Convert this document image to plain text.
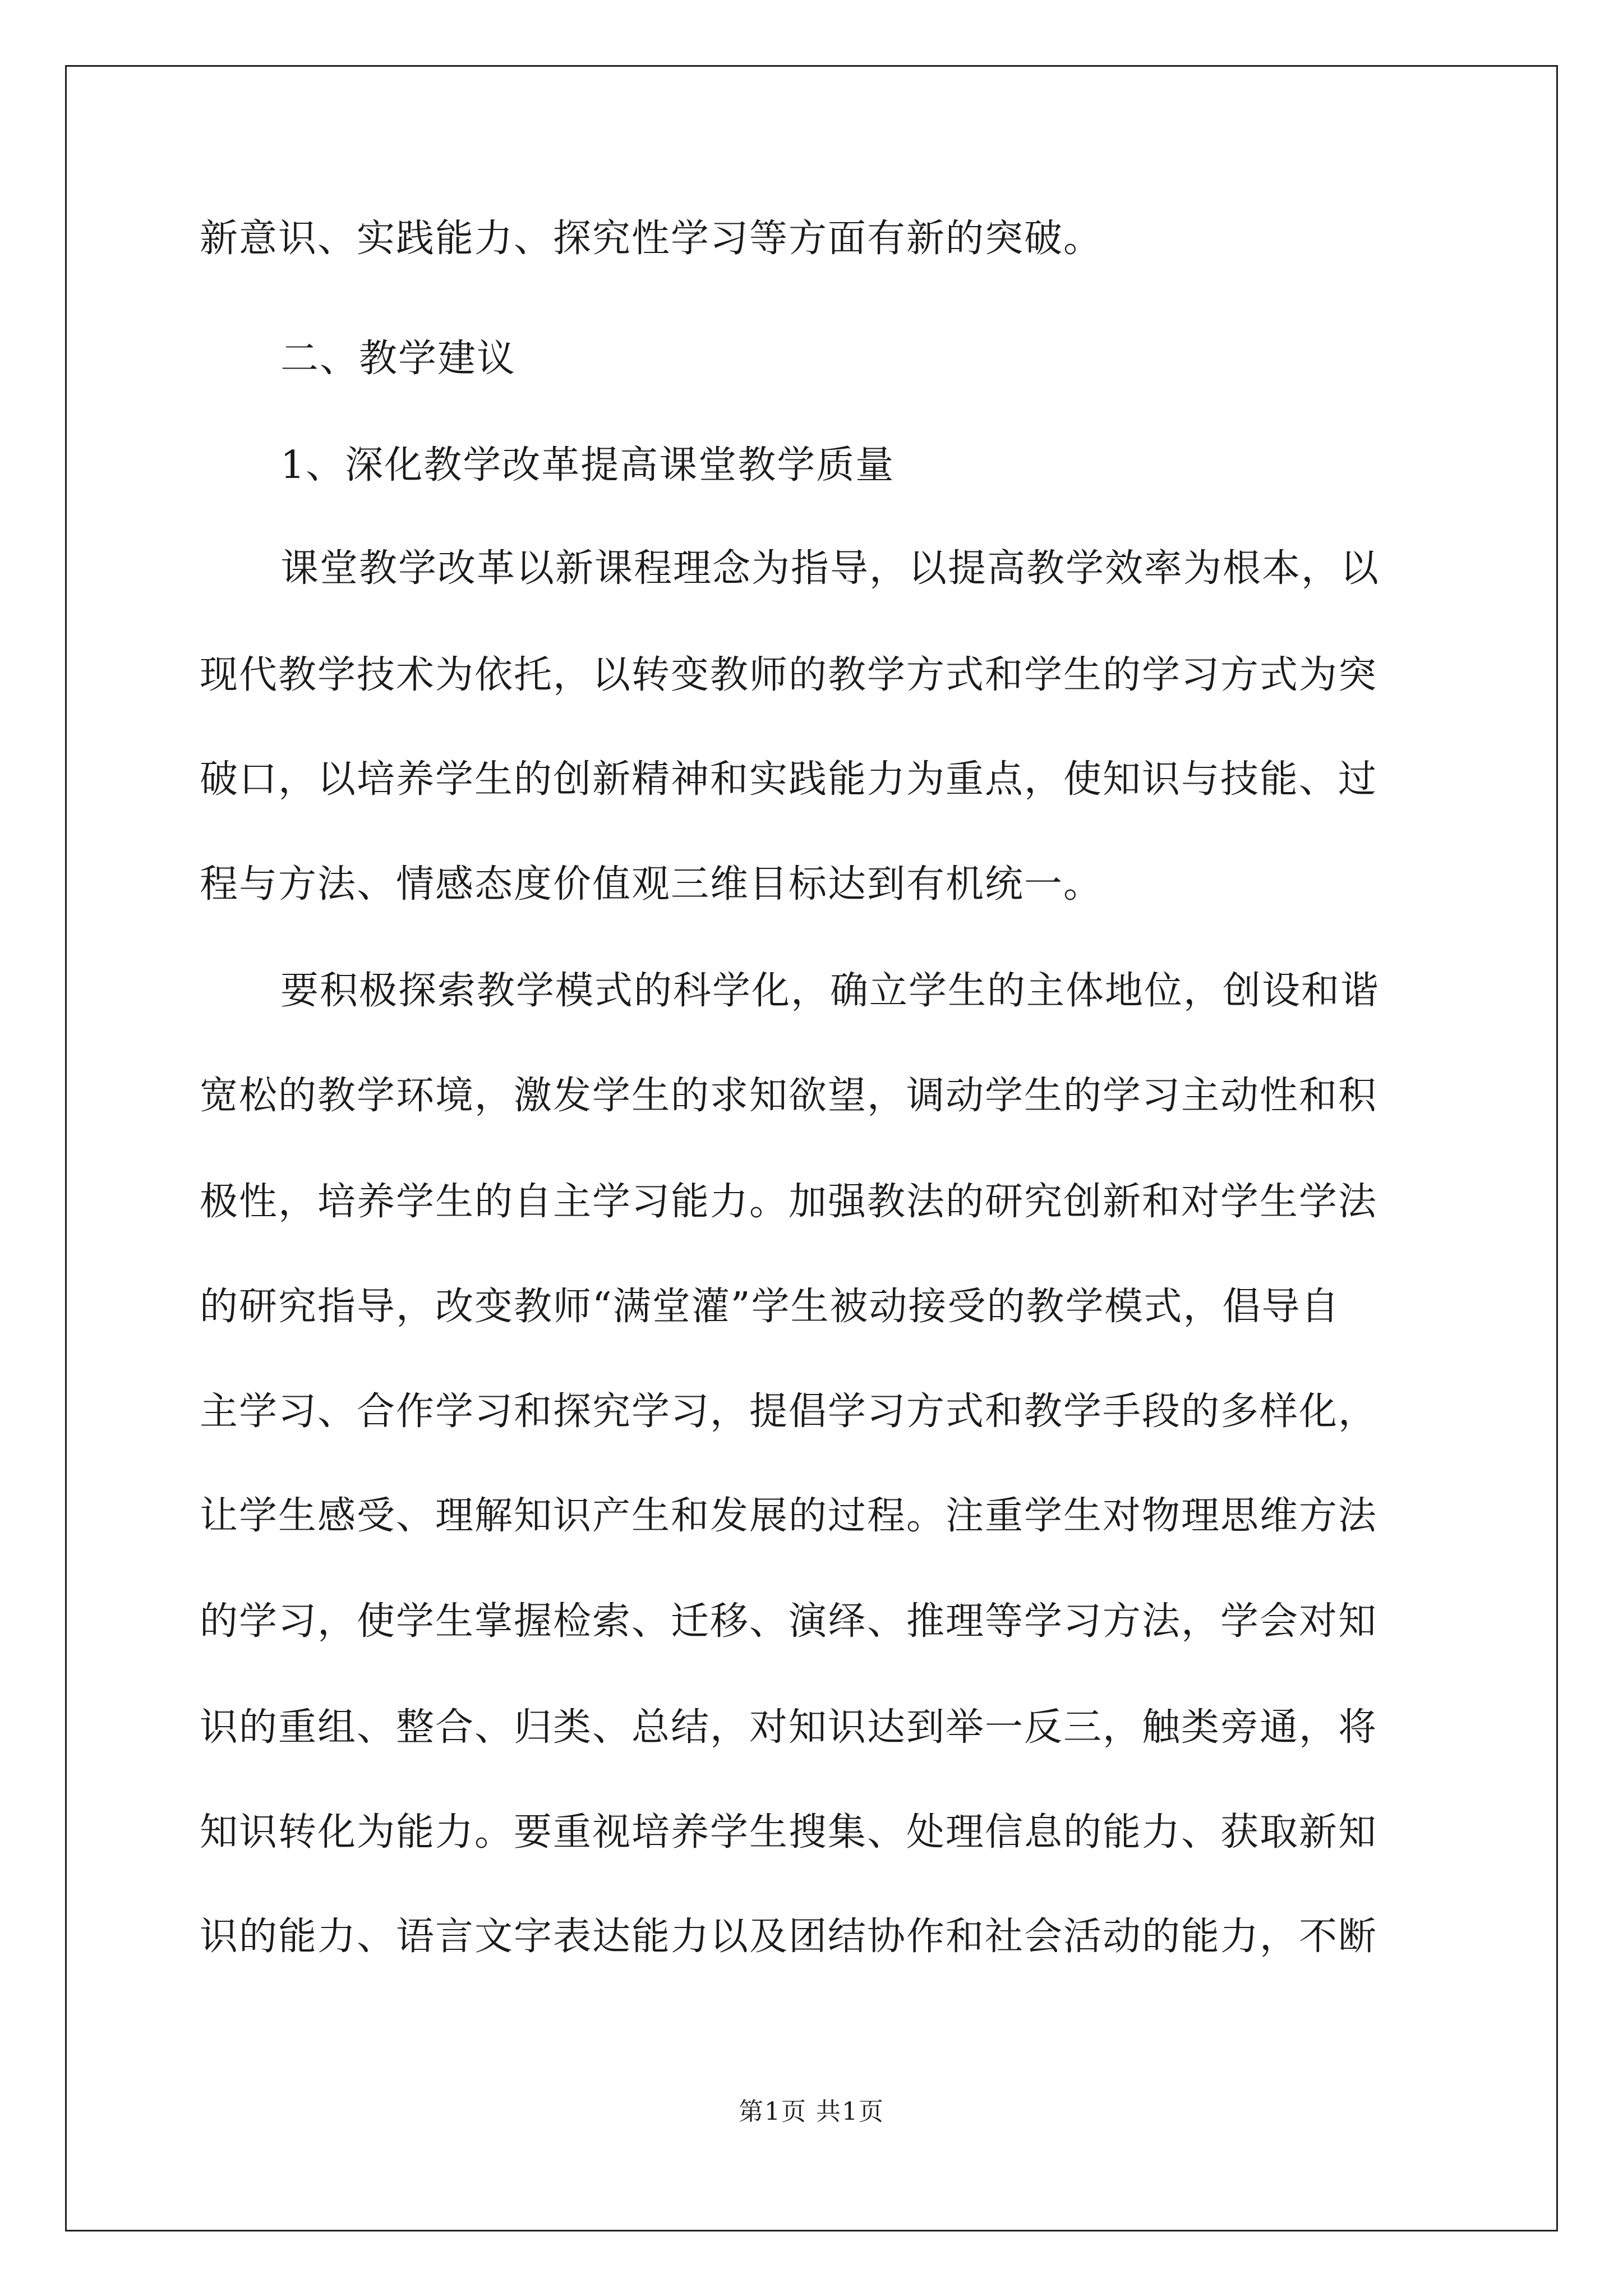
新意识、实践能力、探究性学习等方面有新的突破。
二、教学建议
1、深化教学改革提高课堂教学质量
课堂教学改革以新课程理念为指导，以提高教学效率为根本，以
现代教学技术为依托，以转变教师的教学方式和学生的学习方式为突
破口，以培养学生的创新精神和实践能力为重点，使知识与技能、过
程与方法、情感态度价值观三维目标达到有机统一。
要积极探索教学模式的科学化，确立学生的主体地位，创设和谐
宽松的教学环境，激发学生的求知欲望，调动学生的学习主动性和积
极性，培养学生的自主学习能力。加强教法的研究创新和对学生学法
的研究指导，改变教师“满堂灌”学生被动接受的教学模式，倡导自
主学习、合作学习和探究学习，提倡学习方式和教学手段的多样化，
让学生感受、理解知识产生和发展的过程。注重学生对物理思维方法
的学习，使学生掌握检索、迁移、演绎、推理等学习方法，学会对知
识的重组、整合、归类、总结，对知识达到举一反三，触类旁通，将
知识转化为能力。要重视培养学生搜集、处理信息的能力、获取新知
识的能力、语言文字表达能力以及团结协作和社会活动的能力，不断
第1页 共1页
